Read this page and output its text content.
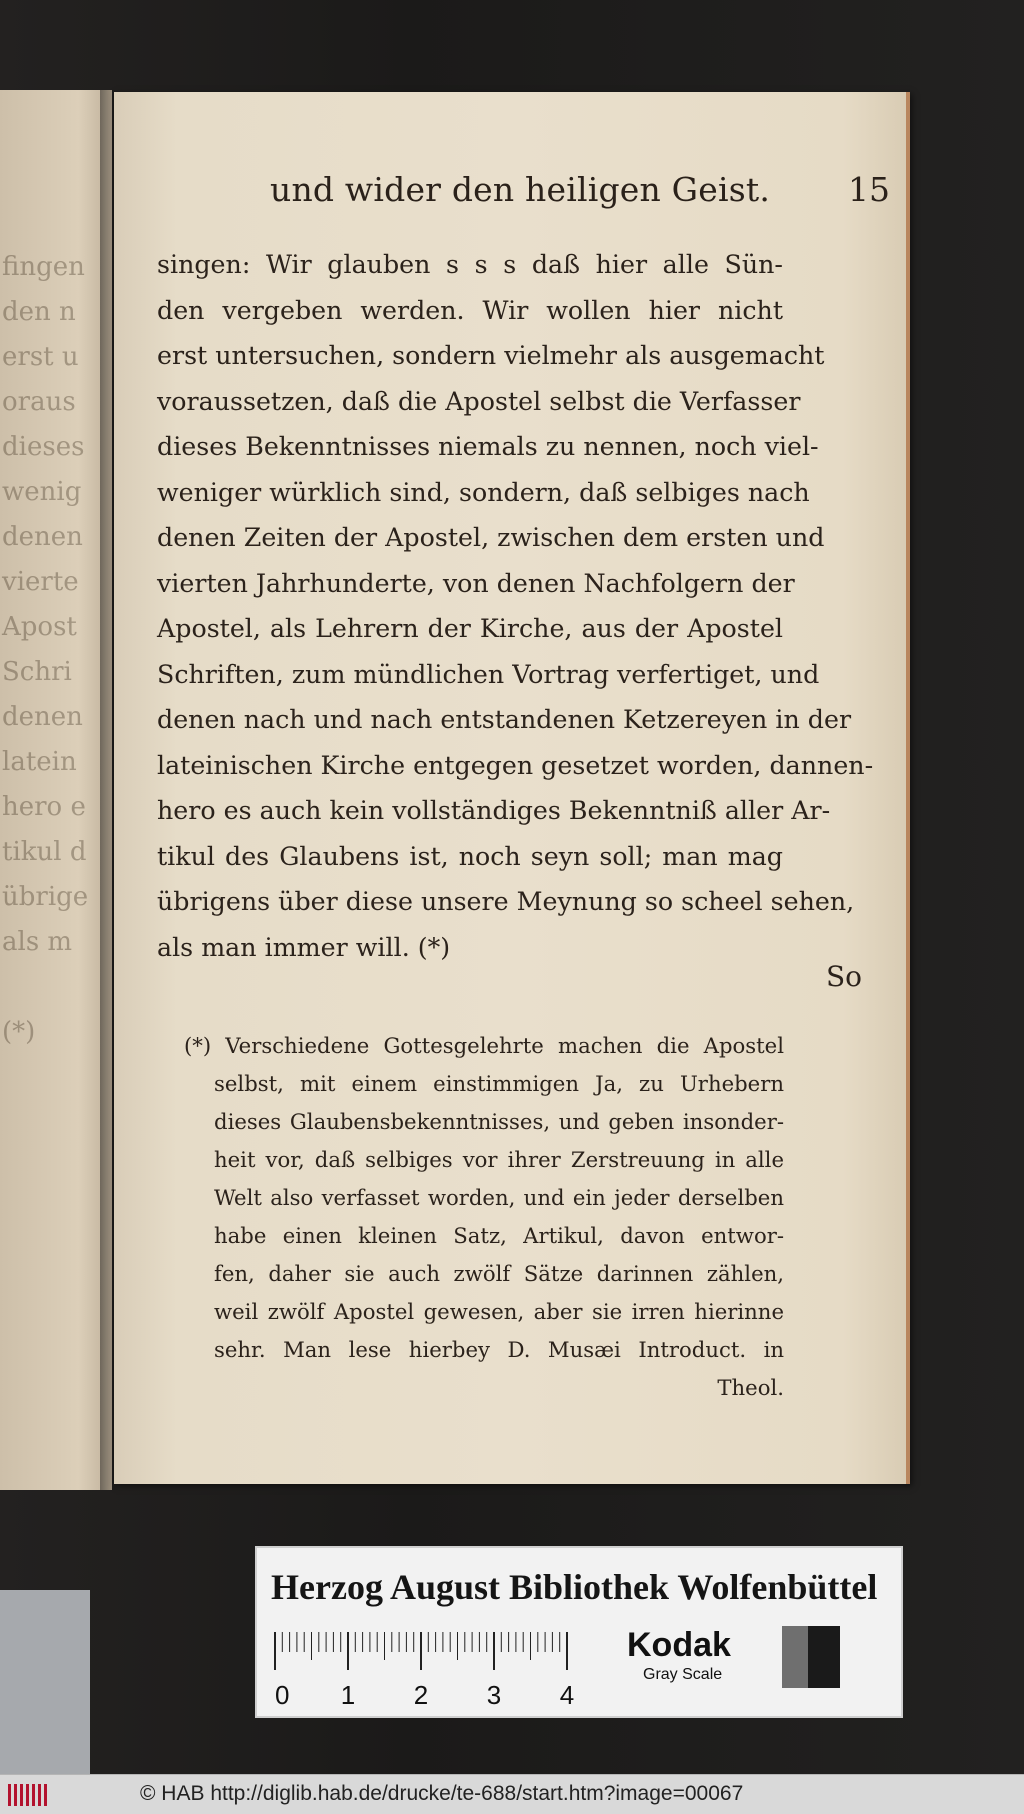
fingen
den n
erst u
oraus
dieses
wenig
denen
vierte
Apost
Schri
denen
latein
hero e
tikul d
übrige
als m

(*)
und wider den heiligen Geist. 15
singen: Wir glauben s s s daß hier alle Sün-
den vergeben werden. Wir wollen hier nicht
erst untersuchen, sondern vielmehr als ausgemacht
voraussetzen, daß die Apostel selbst die Verfasser
dieses Bekenntnisses niemals zu nennen, noch viel-
weniger würklich sind, sondern, daß selbiges nach
denen Zeiten der Apostel, zwischen dem ersten und
vierten Jahrhunderte, von denen Nachfolgern der
Apostel, als Lehrern der Kirche, aus der Apostel
Schriften, zum mündlichen Vortrag verfertiget, und
denen nach und nach entstandenen Ketzereyen in der
lateinischen Kirche entgegen gesetzet worden, dannen-
hero es auch kein vollständiges Bekenntniß aller Ar-
tikul des Glaubens ist, noch seyn soll; man mag
übrigens über diese unsere Meynung so scheel sehen,
als man immer will. (*)
So
(*) Verschiedene Gottesgelehrte machen die Apostel
selbst, mit einem einstimmigen Ja, zu Urhebern
dieses Glaubensbekenntnisses, und geben insonder-
heit vor, daß selbiges vor ihrer Zerstreuung in alle
Welt also verfasset worden, und ein jeder derselben
habe einen kleinen Satz, Artikul, davon entwor-
fen, daher sie auch zwölf Sätze darinnen zählen,
weil zwölf Apostel gewesen, aber sie irren hierinne
sehr. Man lese hierbey D. Musæi Introduct. in
Theol.
Herzog August Bibliothek Wolfenbüttel
0 1 2 3 4
Kodak
Gray Scale
© HAB http://diglib.hab.de/drucke/te-688/start.htm?image=00067
